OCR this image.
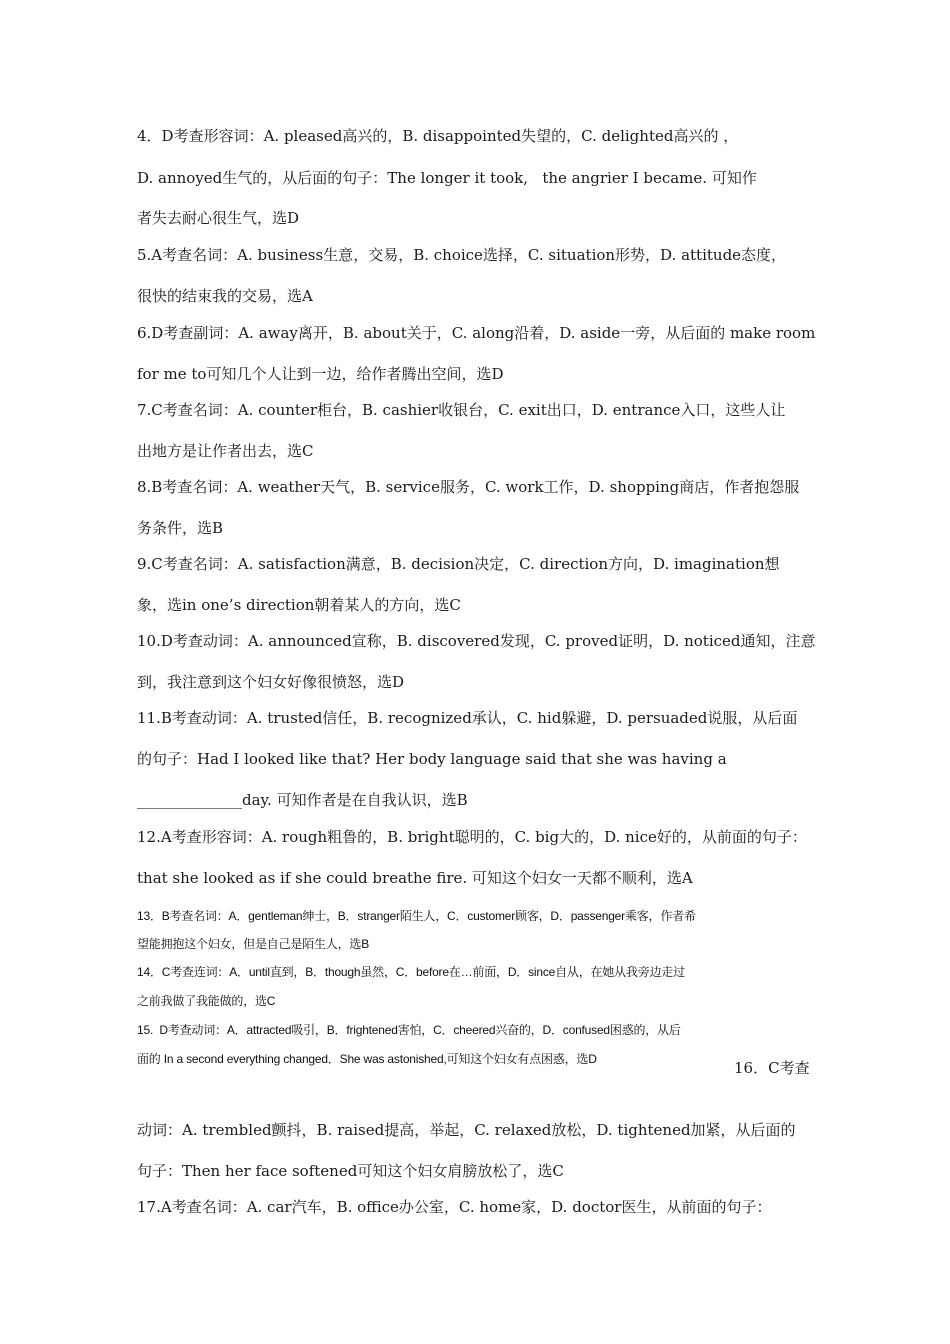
4．D考查形容词：A. pleased高兴的，B. disappointed失望的，C. delighted高兴的 ，
D. annoyed生气的，从后面的句子：The longer it took,   the angrier I became. 可知作
者失去耐心很生气，选D
5.A考查名词：A. business生意，交易，B. choice选择，C. situation形势，D. attitude态度，
很快的结束我的交易，选A
6.D考查副词：A. away离开，B. about关于，C. along沿着，D. aside一旁，从后面的 make room
for me to可知几个人让到一边，给作者腾出空间，选D
7.C考查名词：A. counter柜台，B. cashier收银台，C. exit出口，D. entrance入口，这些人让
出地方是让作者出去，选C
8.B考查名词：A. weather天气，B. service服务，C. work工作，D. shopping商店，作者抱怨服
务条件，选B
9.C考查名词：A. satisfaction满意，B. decision决定，C. direction方向，D. imagination想
象，选in one’s direction朝着某人的方向，选C
10.D考查动词：A. announced宣称，B. discovered发现，C. proved证明，D. noticed通知，注意
到，我注意到这个妇女好像很愤怒，选D
11.B考查动词：A. trusted信任，B. recognized承认，C. hid躲避，D. persuaded说服，从后面
的句子：Had I looked like that? Her body language said that she was having a
______________day. 可知作者是在自我认识，选B
12.A考查形容词：A. rough粗鲁的，B. bright聪明的，C. big大的，D. nice好的，从前面的句子：
that she looked as if she could breathe fire. 可知这个妇女一天都不顺利，选A
13．B考查名词：A．gentleman绅士，B．stranger陌生人，C．customer顾客，D．passenger乘客，作者希
望能拥抱这个妇女，但是自己是陌生人，选B
14．C考查连词：A．until直到，B．though虽然，C．before在…前面，D．since自从，在她从我旁边走过
之前我做了我能做的，选C
15.  D考查动词：A．attracted吸引，B．frightened害怕，C．cheered兴奋的，D．confused困惑的，从后
面的 In a second everything changed．She was astonished,可知这个妇女有点困惑，选D	16．C考查
动词：A. trembled颤抖，B. raised提高，举起，C. relaxed放松，D. tightened加紧，从后面的
句子：Then her face softened可知这个妇女肩膀放松了，选C
17.A考查名词：A. car汽车，B. office办公室，C. home家，D. doctor医生，从前面的句子：
